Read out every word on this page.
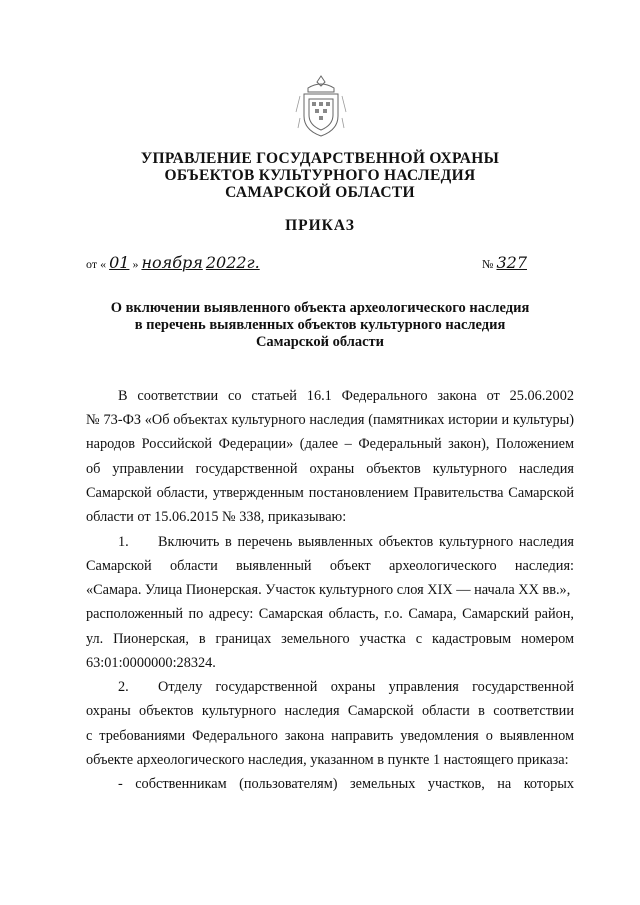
УПРАВЛЕНИЕ ГОСУДАРСТВЕННОЙ ОХРАНЫ
ОБЪЕКТОВ КУЛЬТУРНОГО НАСЛЕДИЯ
САМАРСКОЙ ОБЛАСТИ
ПРИКАЗ
от « 01 » ноября 2022г.	№ 327
О включении выявленного объекта археологического наследия
в перечень выявленных объектов культурного наследия
Самарской области
В соответствии со статьей 16.1 Федерального закона от 25.06.2002
№ 73-ФЗ «Об объектах культурного наследия (памятниках истории и культуры)
народов Российской Федерации» (далее – Федеральный закон), Положением
об управлении государственной охраны объектов культурного наследия
Самарской области, утвержденным постановлением Правительства Самарской
области от 15.06.2015 № 338, приказываю:
1. Включить в перечень выявленных объектов культурного наследия
Самарской области выявленный объект археологического наследия:
«Самара. Улица Пионерская. Участок культурного слоя XIX — начала XX вв.»,
расположенный по адресу: Самарская область, г.о. Самара, Самарский район,
ул. Пионерская, в границах земельного участка с кадастровым номером
63:01:0000000:28324.
2. Отделу государственной охраны управления государственной
охраны объектов культурного наследия Самарской области в соответствии
с требованиями Федерального закона направить уведомления о выявленном
объекте археологического наследия, указанном в пункте 1 настоящего приказа:
- собственникам (пользователям) земельных участков, на которых
